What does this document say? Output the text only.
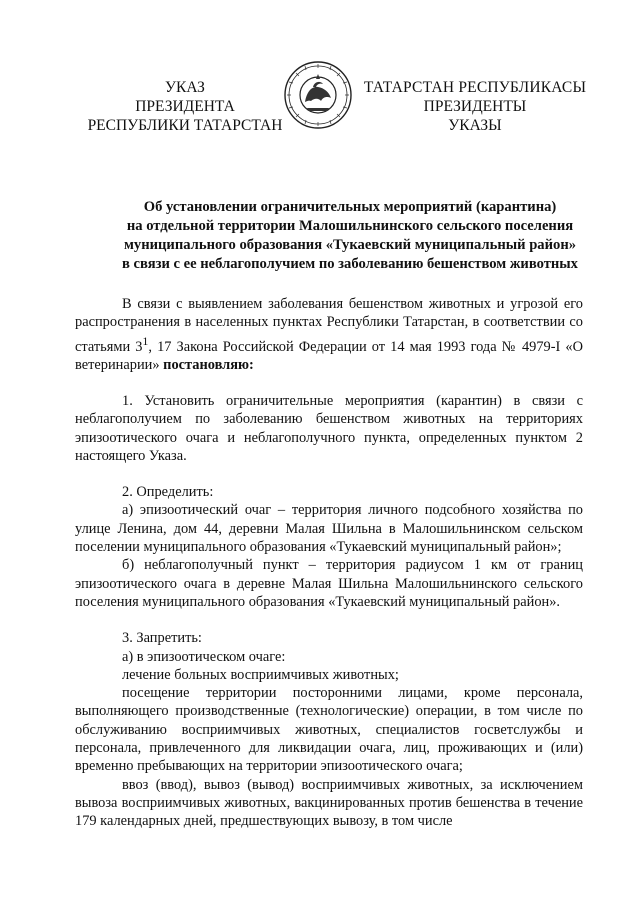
УКАЗ
ПРЕЗИДЕНТА
РЕСПУБЛИКИ ТАТАРСТАН
ТАТАРСТАН РЕСПУБЛИКАСЫ
ПРЕЗИДЕНТЫ
УКАЗЫ
Об установлении ограничительных мероприятий (карантина)
на отдельной территории Малошильнинского сельского поселения
муниципального образования «Тукаевский муниципальный район»
в связи с ее неблагополучием по заболеванию бешенством животных

В связи с выявлением заболевания бешенством животных и угрозой его распространения в населенных пунктах Республики Татарстан, в соответствии со статьями $3^1$, 17 Закона Российской Федерации от 14 мая 1993 года № 4979-I «О ветеринарии» постановляю:

1. Установить ограничительные мероприятия (карантин) в связи с неблагополучием по заболеванию бешенством животных на территориях эпизоотического очага и неблагополучного пункта, определенных пунктом 2 настоящего Указа.

2. Определить:

а) эпизоотический очаг – территория личного подсобного хозяйства по улице Ленина, дом 44, деревни Малая Шильна в Малошильнинском сельском поселении муниципального образования «Тукаевский муниципальный район»;

б) неблагополучный пункт – территория радиусом 1 км от границ эпизоотического очага в деревне Малая Шильна Малошильнинского сельского поселения муниципального образования «Тукаевский муниципальный район».

3. Запретить:

а) в эпизоотическом очаге:

лечение больных восприимчивых животных;

посещение территории посторонними лицами, кроме персонала, выполняющего производственные (технологические) операции, в том числе по обслуживанию восприимчивых животных, специалистов госветслужбы и персонала, привлеченного для ликвидации очага, лиц, проживающих и (или) временно пребывающих на территории эпизоотического очага;

ввоз (ввод), вывоз (вывод) восприимчивых животных, за исключением вывоза восприимчивых животных, вакцинированных против бешенства в течение 179 календарных дней, предшествующих вывозу, в том числе
